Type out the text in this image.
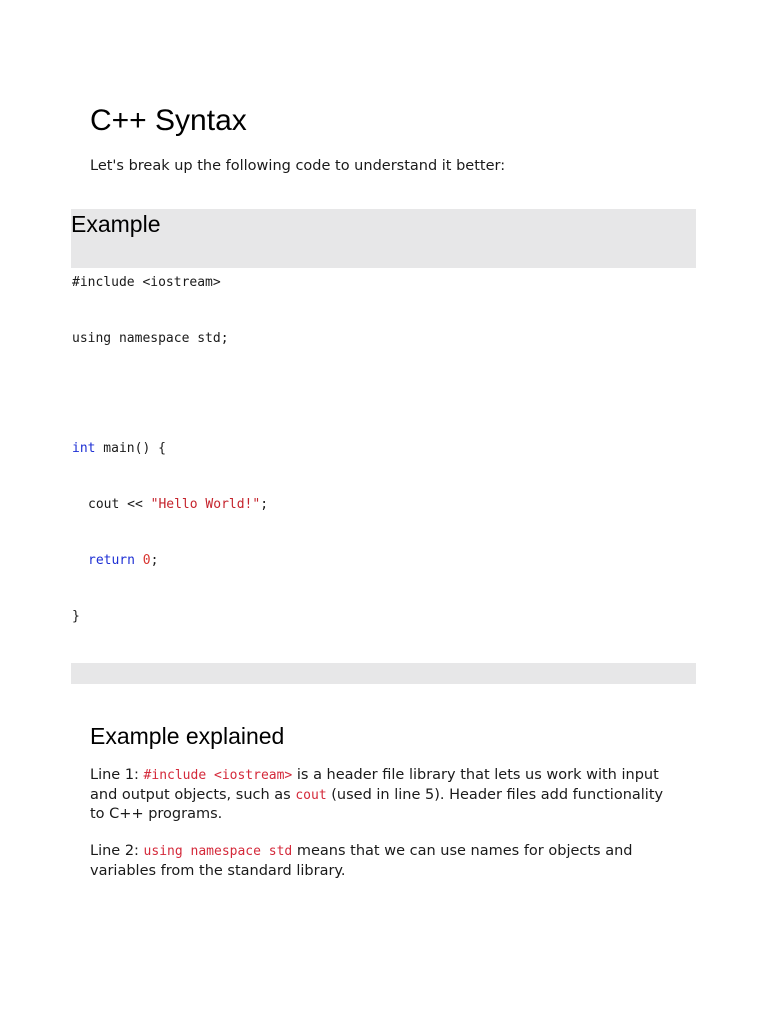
C++ Syntax

Let's break up the following code to understand it better:

Example
#include <iostream>
using namespace std;
int main() {
cout << "Hello World!";
return 0;
}
Example explained

Line 1: #include <iostream> is a header file library that lets us work with input and output objects, such as cout (used in line 5). Header files add functionality to C++ programs.

Line 2: using namespace std means that we can use names for objects and variables from the standard library.
